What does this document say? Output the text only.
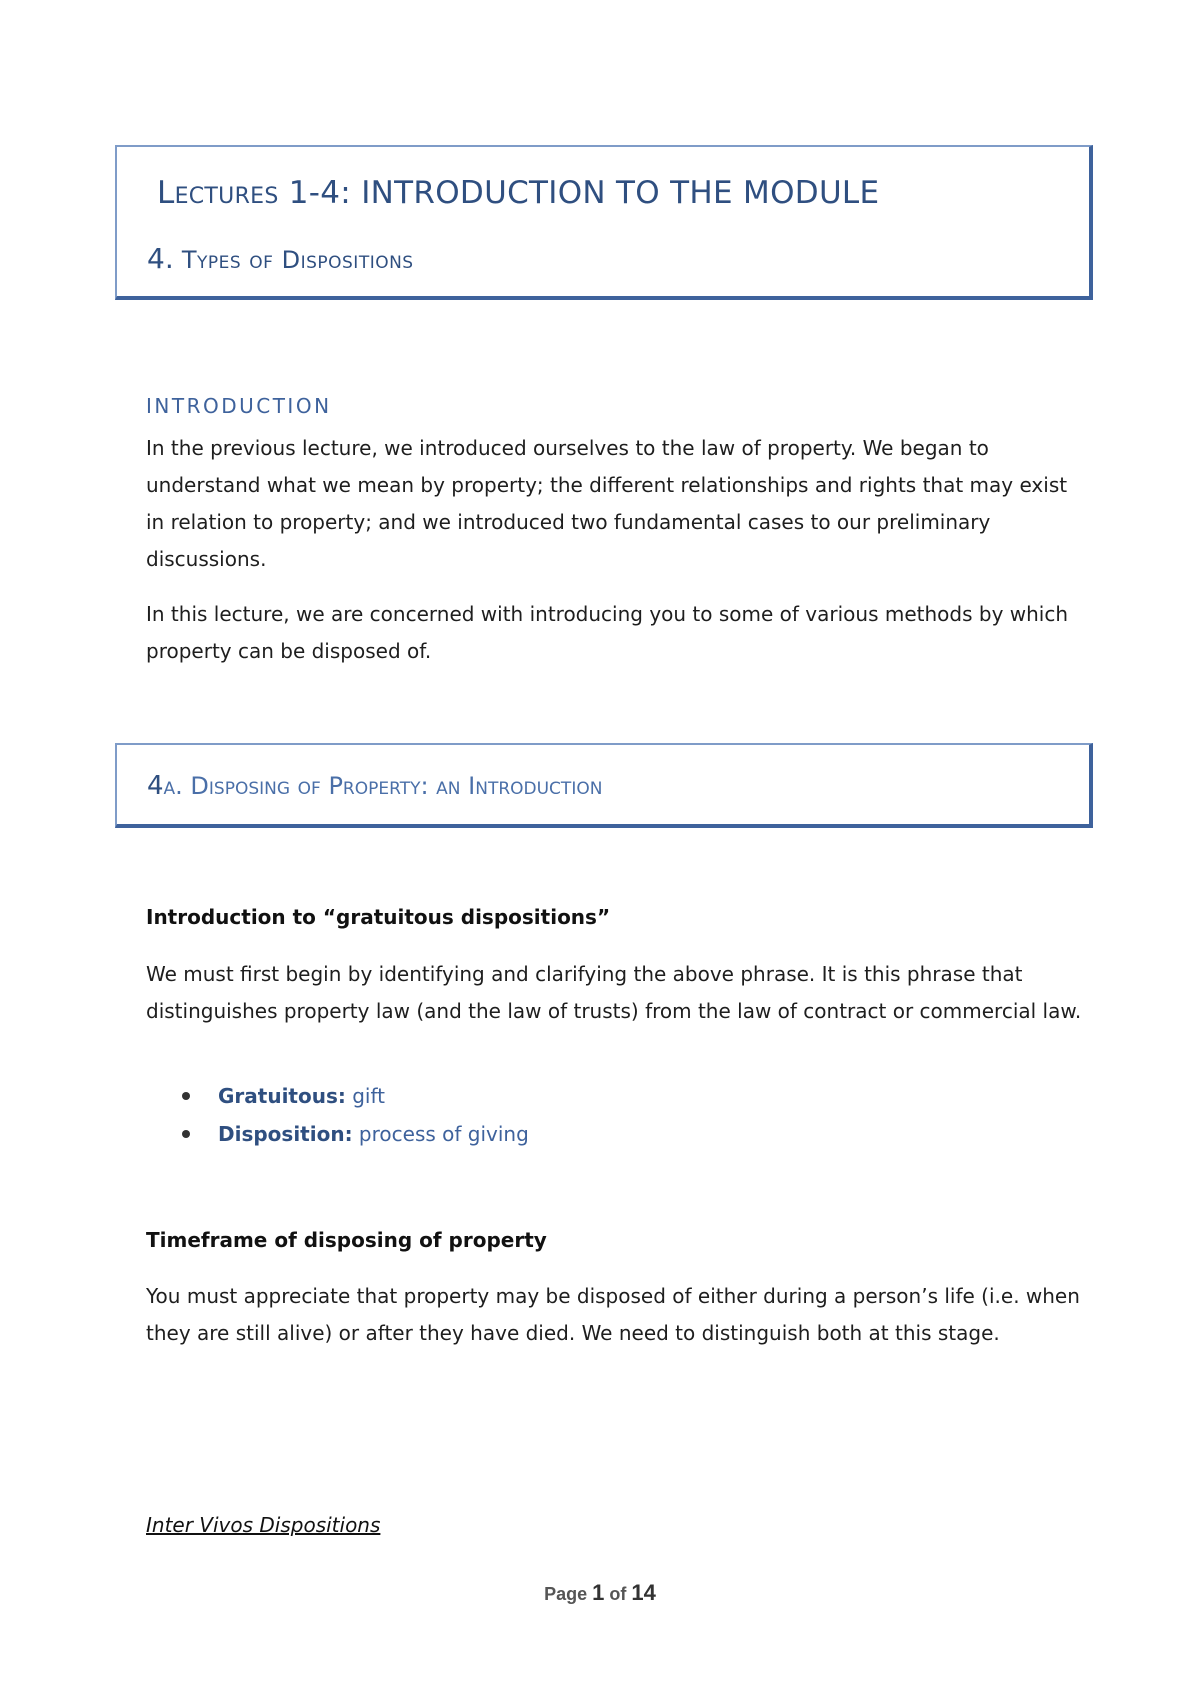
Lectures 1-4: INTRODUCTION TO THE MODULE
4. Types of Dispositions
INTRODUCTION
In the previous lecture, we introduced ourselves to the law of property. We began to understand what we mean by property; the different relationships and rights that may exist in relation to property; and we introduced two fundamental cases to our preliminary discussions.
In this lecture, we are concerned with introducing you to some of various methods by which property can be disposed of.
4a. Disposing of Property: an Introduction
Introduction to “gratuitous dispositions”
We must first begin by identifying and clarifying the above phrase. It is this phrase that distinguishes property law (and the law of trusts) from the law of contract or commercial law.
Gratuitous: gift
Disposition: process of giving
Timeframe of disposing of property
You must appreciate that property may be disposed of either during a person’s life (i.e. when they are still alive) or after they have died. We need to distinguish both at this stage.
Inter Vivos Dispositions
Page 1 of 14
